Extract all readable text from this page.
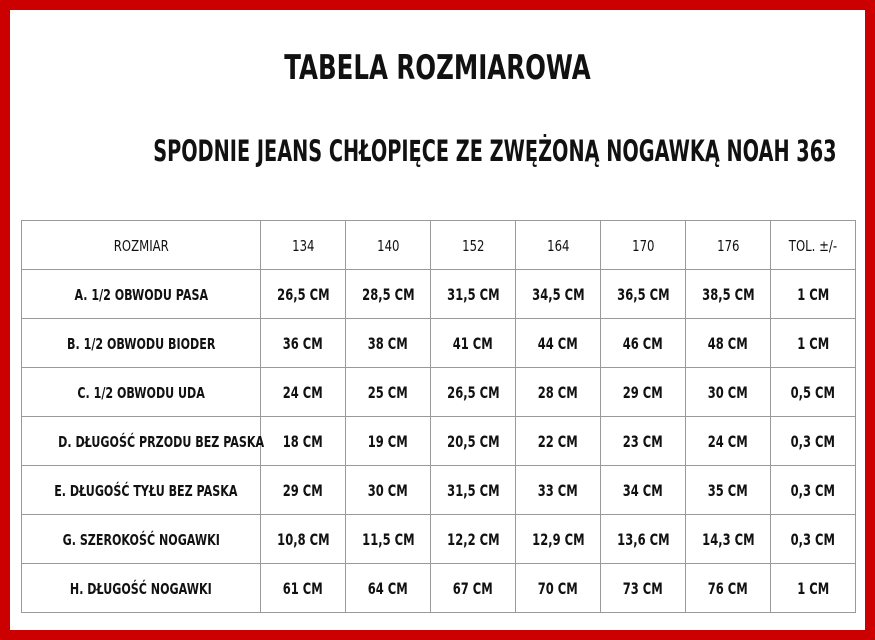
TABELA ROZMIAROWA
SPODNIE JEANS CHŁOPIĘCE ZE ZWĘŻONĄ NOGAWKĄ NOAH 363
ROZMIAR	134	140	152	164	170	176	TOL. ±/-
A. 1/2 OBWODU PASA	26,5 CM	28,5 CM	31,5 CM	34,5 CM	36,5 CM	38,5 CM	1 CM
B. 1/2 OBWODU BIODER	36 CM	38 CM	41 CM	44 CM	46 CM	48 CM	1 CM
C. 1/2 OBWODU UDA	24 CM	25 CM	26,5 CM	28 CM	29 CM	30 CM	0,5 CM
D. DŁUGOŚĆ PRZODU BEZ PASKA	18 CM	19 CM	20,5 CM	22 CM	23 CM	24 CM	0,3 CM
E. DŁUGOŚĆ TYŁU BEZ PASKA	29 CM	30 CM	31,5 CM	33 CM	34 CM	35 CM	0,3 CM
G. SZEROKOŚĆ NOGAWKI	10,8 CM	11,5 CM	12,2 CM	12,9 CM	13,6 CM	14,3 CM	0,3 CM
H. DŁUGOŚĆ NOGAWKI	61 CM	64 CM	67 CM	70 CM	73 CM	76 CM	1 CM
